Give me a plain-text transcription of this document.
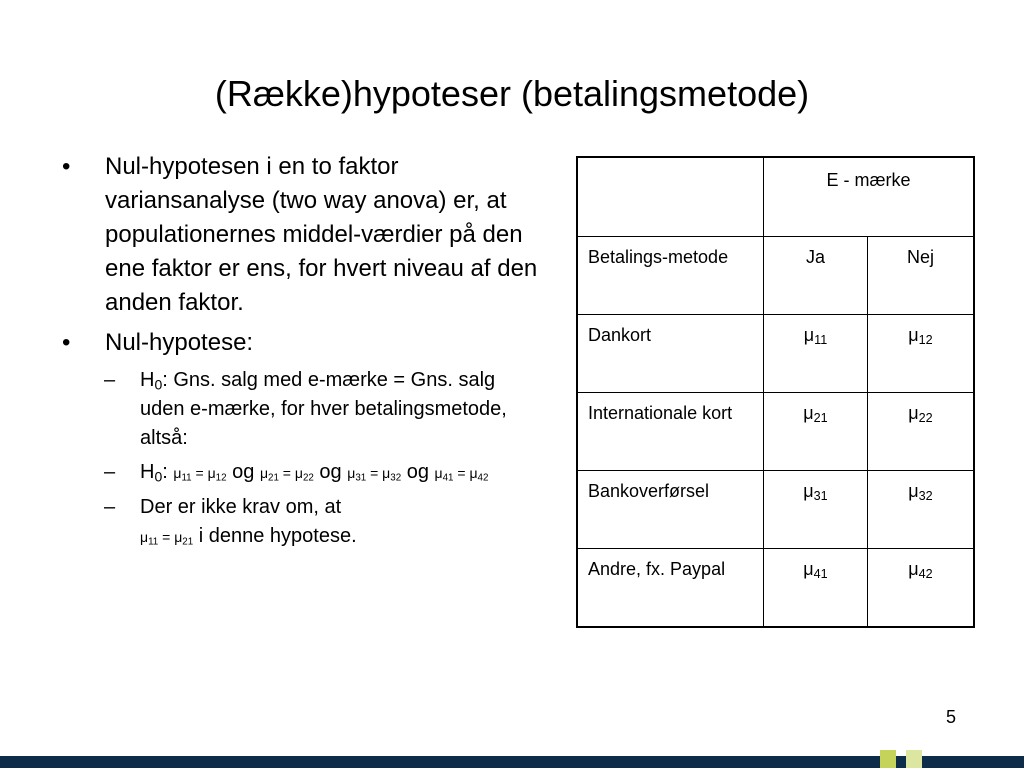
(Række)hypoteser (betalingsmetode)
• Nul-hypotesen i en to faktor variansanalyse (two way anova) er, at populationernes middel-værdier på den ene faktor er ens, for hvert niveau af den anden faktor.
• Nul-hypotese:
– H0: Gns. salg med e-mærke = Gns. salg uden e-mærke, for hver betalingsmetode, altså:
– H0: μ11 = μ12 og μ21 = μ22 og μ31 = μ32 og μ41 = μ42
– Der er ikke krav om, at
μ11 = μ21 i denne hypotese.
	E - mærke	
Betalings-metode	Ja	Nej
Dankort	μ11	μ12
Internationale kort	μ21	μ22
Bankoverførsel	μ31	μ32
Andre, fx. Paypal	μ41	μ42
5
